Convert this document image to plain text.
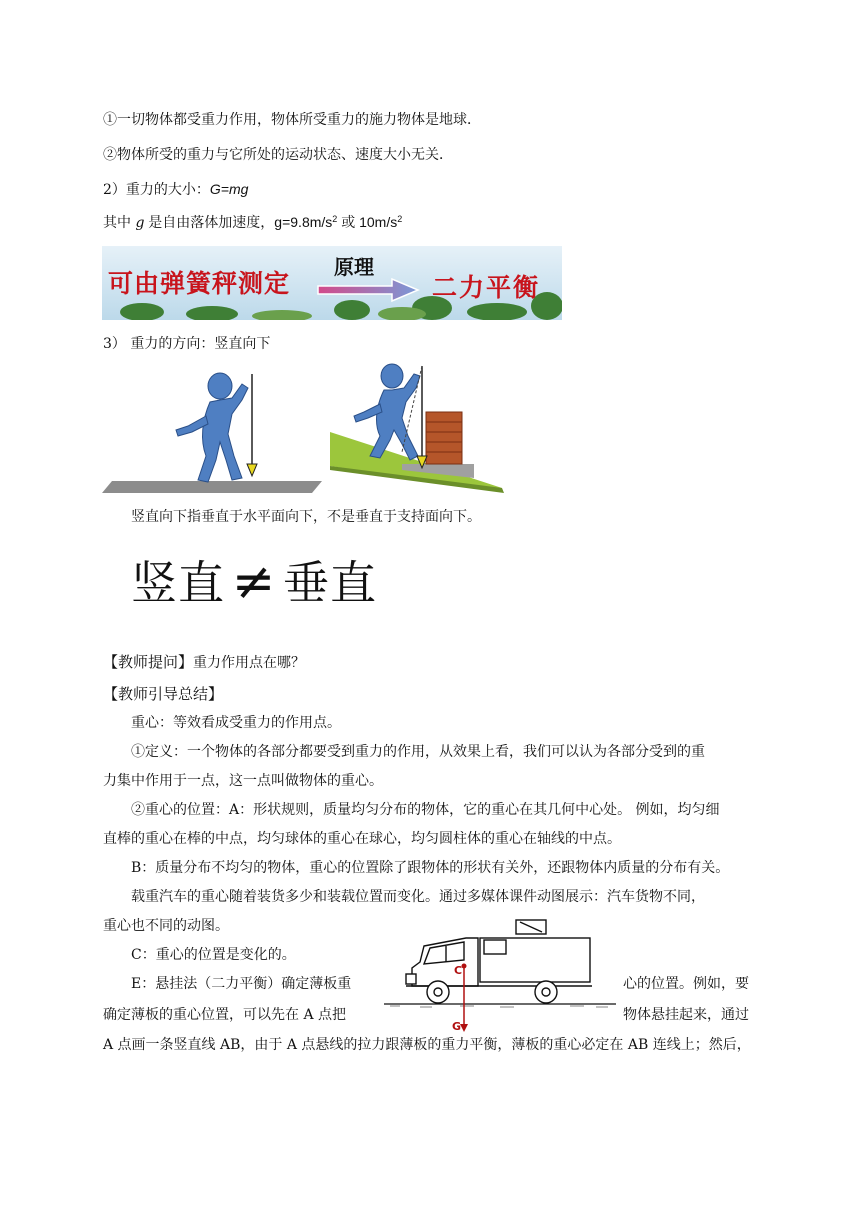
①一切物体都受重力作用，物体所受重力的施力物体是地球．
②物体所受的重力与它所处的运动状态、速度大小无关．
2）重力的大小：G=mg
其中 g 是自由落体加速度，$g=9.8m/s^2$ 或 $10m/s^2$
可由弹簧秤测定
原理
二力平衡
3） 重力的方向：竖直向下
竖直向下指垂直于水平面向下，不是垂直于支持面向下。
竖直 ≠ 垂直
【教师提问】重力作用点在哪？
【教师引导总结】
重心：等效看成受重力的作用点。
①定义：一个物体的各部分都要受到重力的作用，从效果上看，我们可以认为各部分受到的重
力集中作用于一点，这一点叫做物体的重心。
②重心的位置：A：形状规则，质量均匀分布的物体，它的重心在其几何中心处。 例如，均匀细
直棒的重心在棒的中点，均匀球体的重心在球心，均匀圆柱体的重心在轴线的中点。
B：质量分布不均匀的物体，重心的位置除了跟物体的形状有关外，还跟物体内质量的分布有关。
载重汽车的重心随着装货多少和装载位置而变化。通过多媒体课件动图展示：汽车货物不同，
重心也不同的动图。
C：重心的位置是变化的。
E：悬挂法（二力平衡）确定薄板重	心的位置。例如，要
确定薄板的重心位置，可以先在 A 点把	物体悬挂起来，通过
A 点画一条竖直线 AB，由于 A 点悬线的拉力跟薄板的重力平衡，薄板的重心必定在 AB 连线上；然后，
C
G
